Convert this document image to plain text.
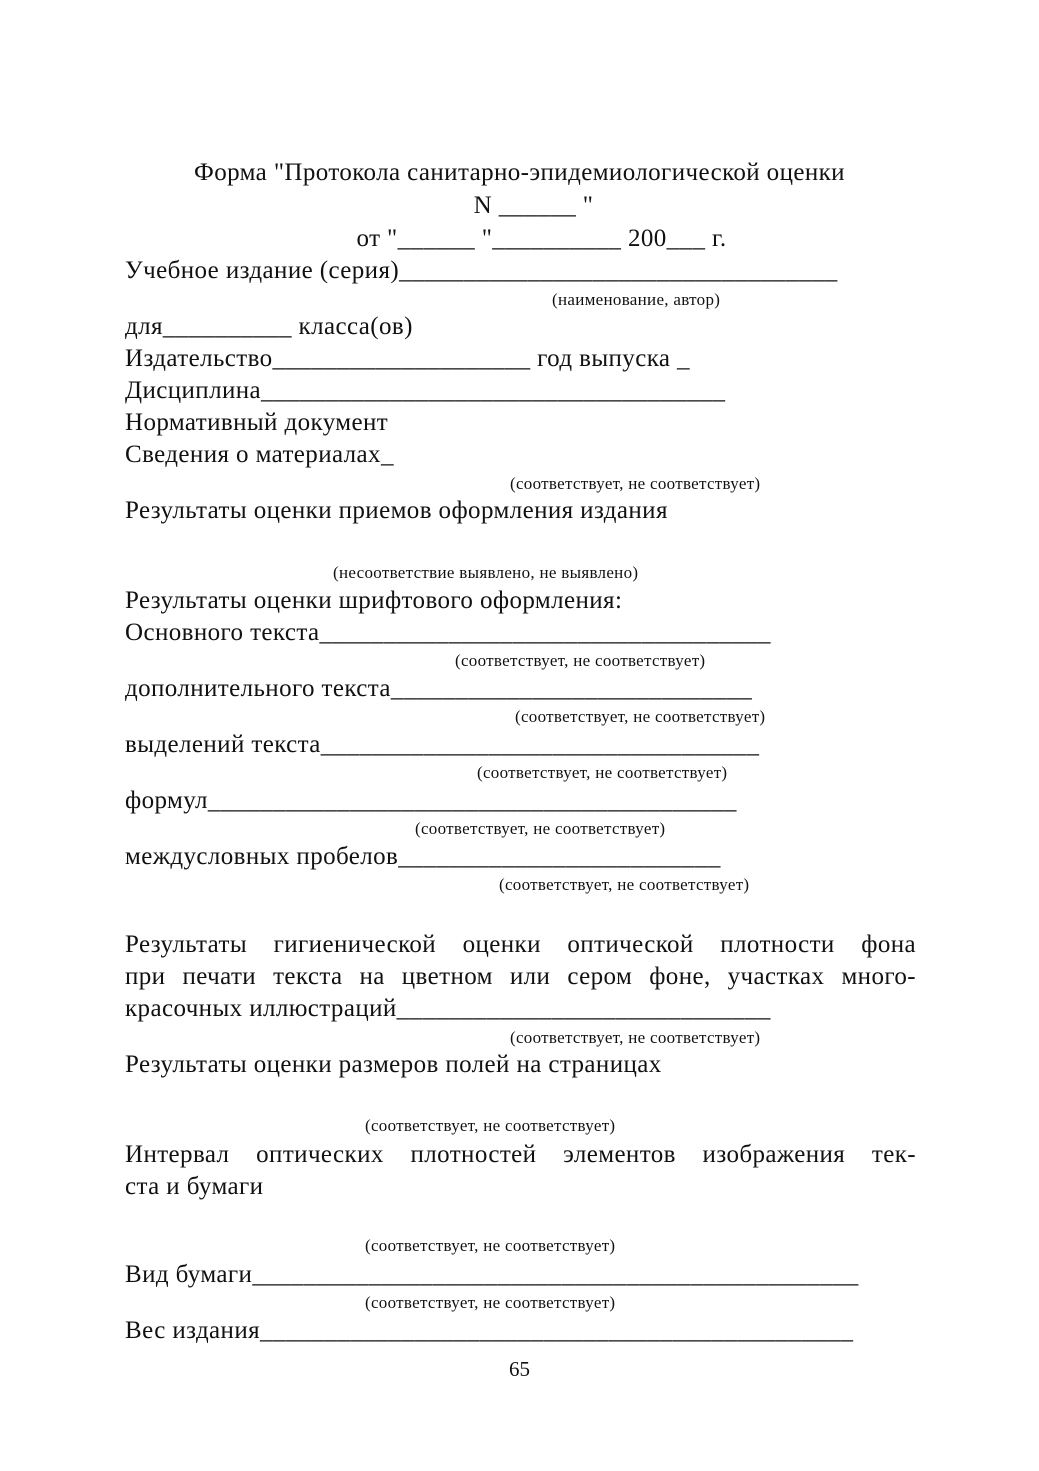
Форма "Протокола санитарно-эпидемиологической оценки
N ______ "
от "______ "__________ 200___ г.
Учебное издание (серия)__________________________________
(наименование, автор)
для__________ класса(ов)
Издательство____________________ год выпуска _
Дисциплина____________________________________
Нормативный документ
Сведения о материалах_
(соответствует, не соответствует)
Результаты оценки приемов оформления издания
(несоответствие выявлено, не выявлено)
Результаты оценки шрифтового оформления:
Основного текста___________________________________
(соответствует, не соответствует)
дополнительного текста____________________________
(соответствует, не соответствует)
выделений текста__________________________________
(соответствует, не соответствует)
формул_________________________________________
(соответствует, не соответствует)
междусловных пробелов_________________________
(соответствует, не соответствует)
Результаты гигиенической оценки оптической плотности фона
при печати текста на цветном или сером фоне, участках много-
красочных иллюстраций_____________________________
(соответствует, не соответствует)
Результаты оценки размеров полей на страницах
(соответствует, не соответствует)
Интервал оптических плотностей элементов изображения тек-
ста и бумаги
(соответствует, не соответствует)
Вид бумаги_______________________________________________
(соответствует, не соответствует)
Вес издания______________________________________________
65
